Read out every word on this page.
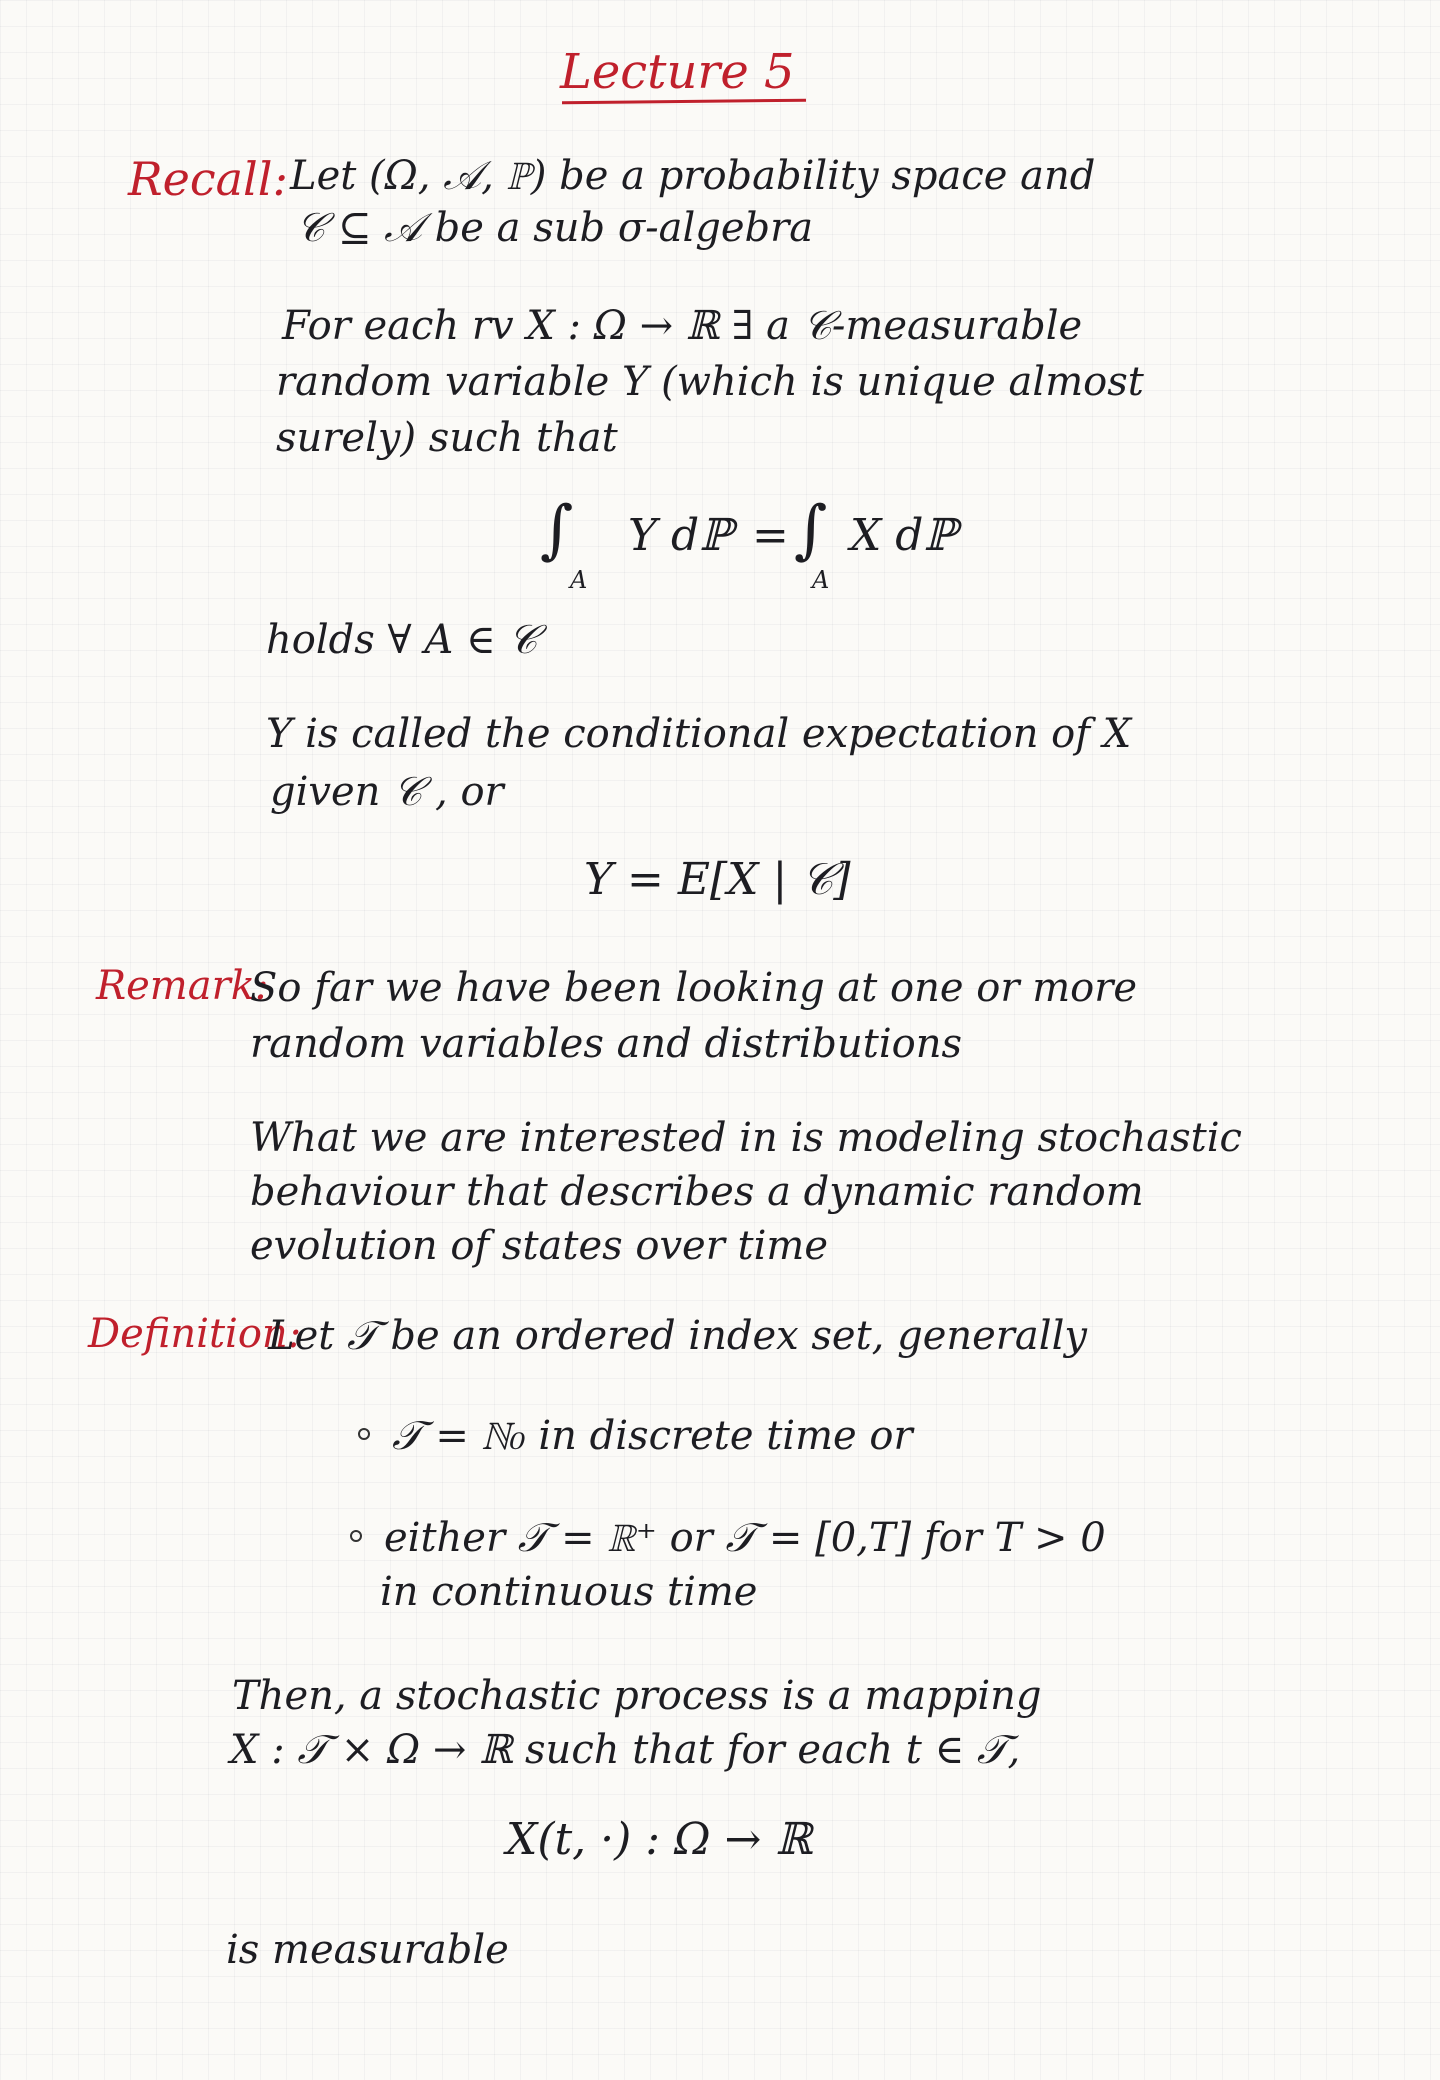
Lecture 5
Recall: Let (Ω, 𝒜, ℙ) be a probability space and
𝒞 ⊆ 𝒜 be a sub σ-algebra
For each rv X : Ω → ℝ ∃ a 𝒞-measurable
random variable Y (which is unique almost
surely) such that
∫
A
Y dℙ = ∫
A
X dℙ
holds ∀ A ∈ 𝒞
Y is called the conditional expectation of X
given 𝒞 , or
Y = E[X | 𝒞]
Remark:
So far we have been looking at one or more
random variables and distributions
What we are interested in is modeling stochastic
behaviour that describes a dynamic random
evolution of states over time
Definition:
Let 𝒯 be an ordered index set, generally
𝒯 = ℕ₀ in discrete time or
either 𝒯 = ℝ⁺ or 𝒯 = [0,T] for T > 0
in continuous time
Then, a stochastic process is a mapping
X : 𝒯 × Ω → ℝ such that for each t ∈ 𝒯,
X(t, ·) : Ω → ℝ
is measurable
